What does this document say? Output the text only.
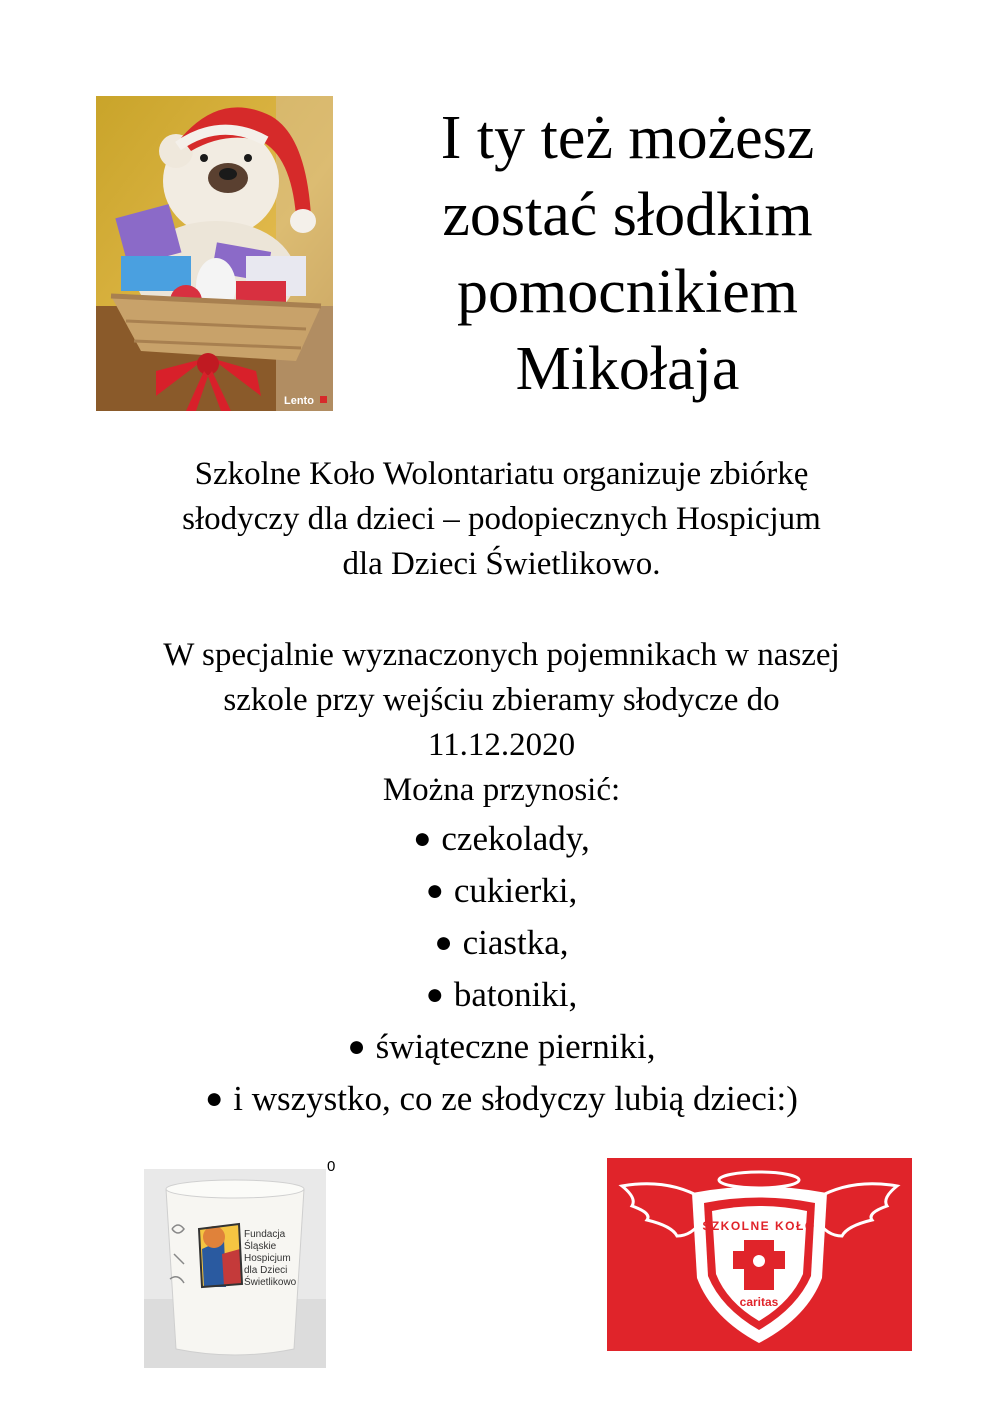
Lento
I ty też możesz
zostać słodkim
pomocnikiem
Mikołaja
Szkolne Koło Wolontariatu organizuje zbiórkę
słodyczy dla dzieci – podopiecznych Hospicjum
dla Dzieci Świetlikowo.
W specjalnie wyznaczonych pojemnikach w naszej
szkole przy wejściu zbieramy słodycze do
11.12.2020
Można przynosić:
● czekolady,
● cukierki,
● ciastka,
● batoniki,
● świąteczne pierniki,
● i wszystko, co ze słodyczy lubią dzieci:)
Fundacja Śląskie Hospicjum dla Dzieci Świetlikowo
0
SZKOLNE KOŁO
caritas
